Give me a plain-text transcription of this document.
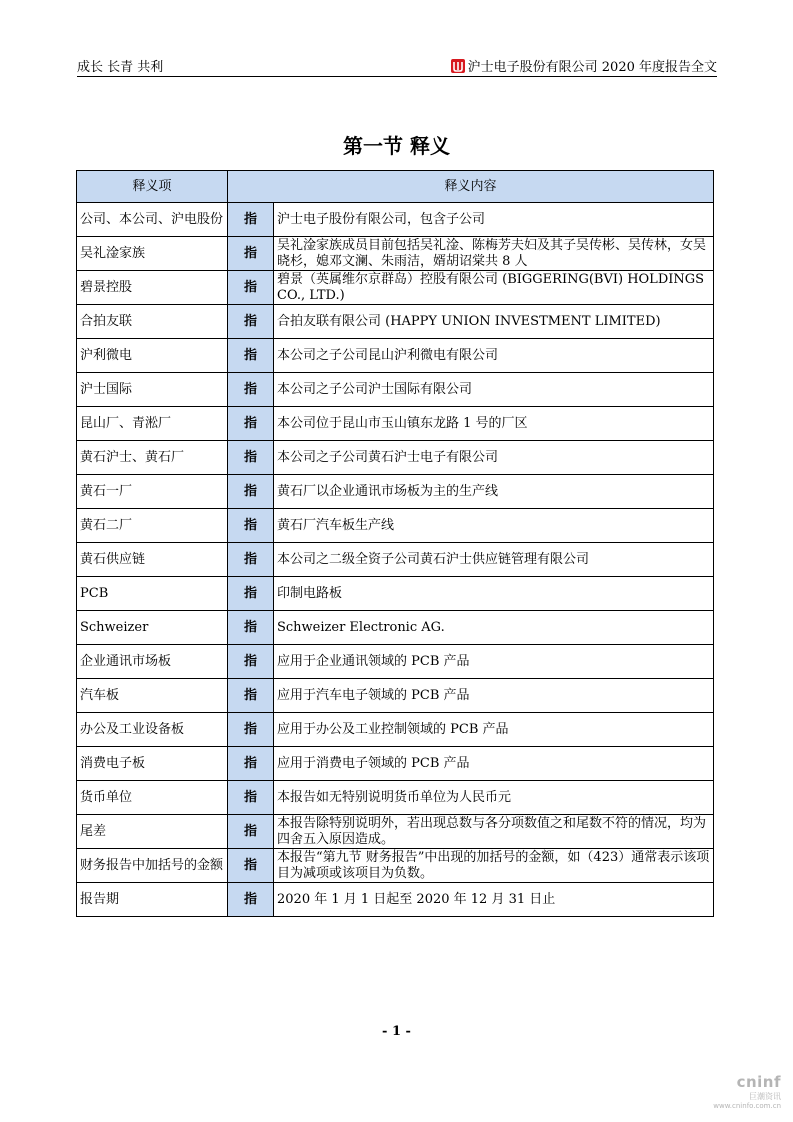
成长 长青 共利	沪士电子股份有限公司 2020 年度报告全文
第一节 释义
释义项	释义内容	
公司、本公司、沪电股份	指	沪士电子股份有限公司，包含子公司
吴礼淦家族	指	吴礼淦家族成员目前包括吴礼淦、陈梅芳夫妇及其子吴传彬、吴传林，女吴晓杉，媳邓文澜、朱雨洁，婿胡诏棠共 8 人
碧景控股	指	碧景（英属维尔京群岛）控股有限公司 (BIGGERING(BVI) HOLDINGS CO., LTD.)
合拍友联	指	合拍友联有限公司 (HAPPY UNION INVESTMENT LIMITED)
沪利微电	指	本公司之子公司昆山沪利微电有限公司
沪士国际	指	本公司之子公司沪士国际有限公司
昆山厂、青淞厂	指	本公司位于昆山市玉山镇东龙路 1 号的厂区
黄石沪士、黄石厂	指	本公司之子公司黄石沪士电子有限公司
黄石一厂	指	黄石厂以企业通讯市场板为主的生产线
黄石二厂	指	黄石厂汽车板生产线
黄石供应链	指	本公司之二级全资子公司黄石沪士供应链管理有限公司
PCB	指	印制电路板
Schweizer	指	Schweizer Electronic AG.
企业通讯市场板	指	应用于企业通讯领域的 PCB 产品
汽车板	指	应用于汽车电子领域的 PCB 产品
办公及工业设备板	指	应用于办公及工业控制领域的 PCB 产品
消费电子板	指	应用于消费电子领域的 PCB 产品
货币单位	指	本报告如无特别说明货币单位为人民币元
尾差	指	本报告除特别说明外，若出现总数与各分项数值之和尾数不符的情况，均为四舍五入原因造成。
财务报告中加括号的金额	指	本报告“第九节 财务报告”中出现的加括号的金额，如（423）通常表示该项目为减项或该项目为负数。
报告期	指	2020 年 1 月 1 日起至 2020 年 12 月 31 日止
- 1 -
cninf
巨潮资讯
www.cninfo.com.cn
